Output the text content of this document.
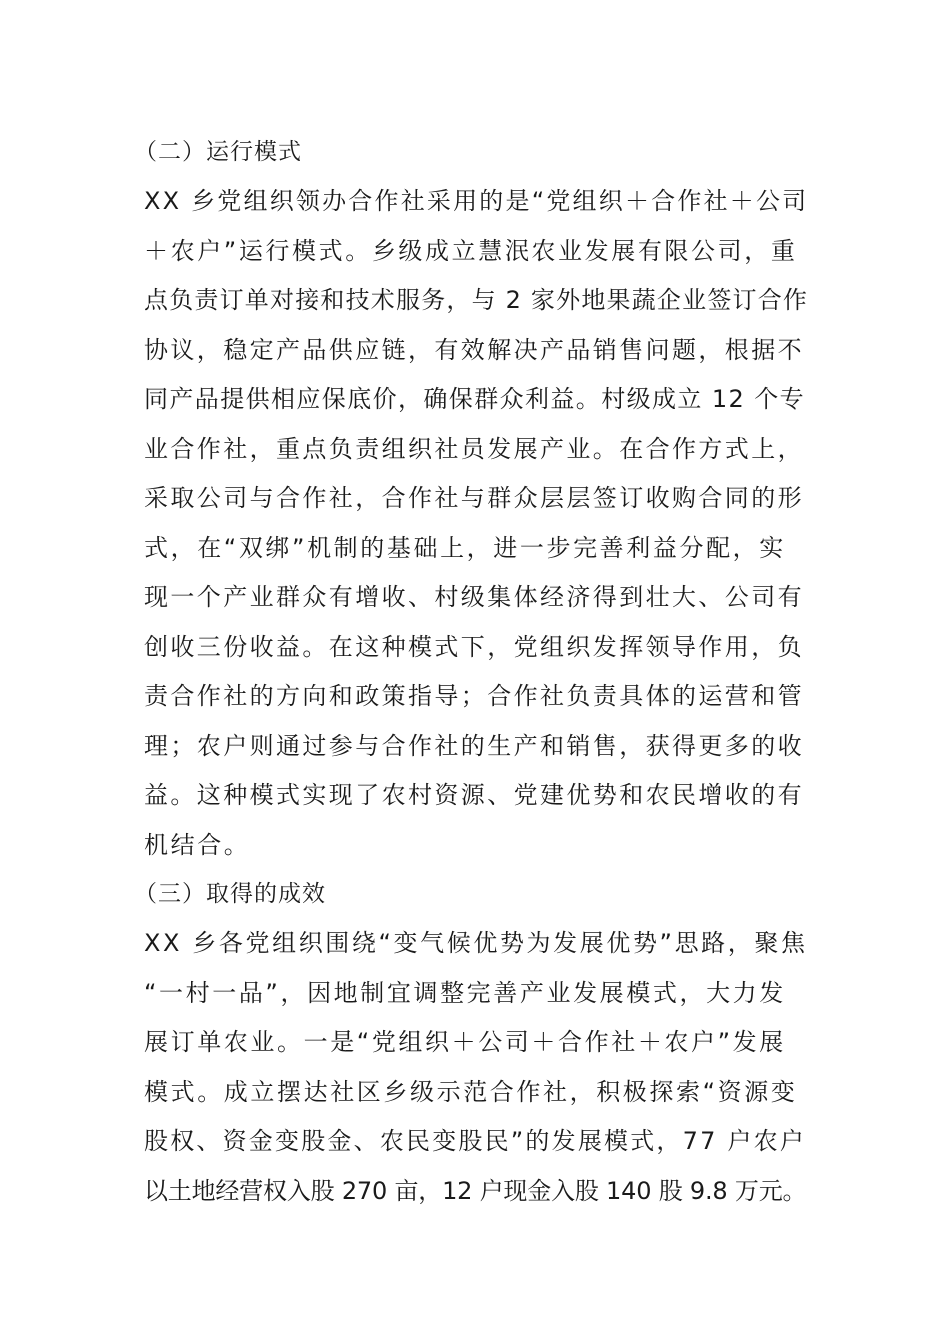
（二）运行模式
XX 乡党组织领办合作社采用的是“党组织＋合作社＋公司
＋农户”运行模式。乡级成立慧泯农业发展有限公司，重
点负责订单对接和技术服务，与 2 家外地果蔬企业签订合作
协议，稳定产品供应链，有效解决产品销售问题，根据不
同产品提供相应保底价，确保群众利益。村级成立 12 个专
业合作社，重点负责组织社员发展产业。在合作方式上，
采取公司与合作社，合作社与群众层层签订收购合同的形
式，在“双绑”机制的基础上，进一步完善利益分配，实
现一个产业群众有增收、村级集体经济得到壮大、公司有
创收三份收益。在这种模式下，党组织发挥领导作用，负
责合作社的方向和政策指导；合作社负责具体的运营和管
理；农户则通过参与合作社的生产和销售，获得更多的收
益。这种模式实现了农村资源、党建优势和农民增收的有
机结合。
（三）取得的成效
XX 乡各党组织围绕“变气候优势为发展优势”思路，聚焦
“一村一品”，因地制宜调整完善产业发展模式，大力发
展订单农业。一是“党组织＋公司＋合作社＋农户”发展
模式。成立摆达社区乡级示范合作社，积极探索“资源变
股权、资金变股金、农民变股民”的发展模式，77 户农户
以土地经营权入股 270 亩，12 户现金入股 140 股 9.8 万元。
